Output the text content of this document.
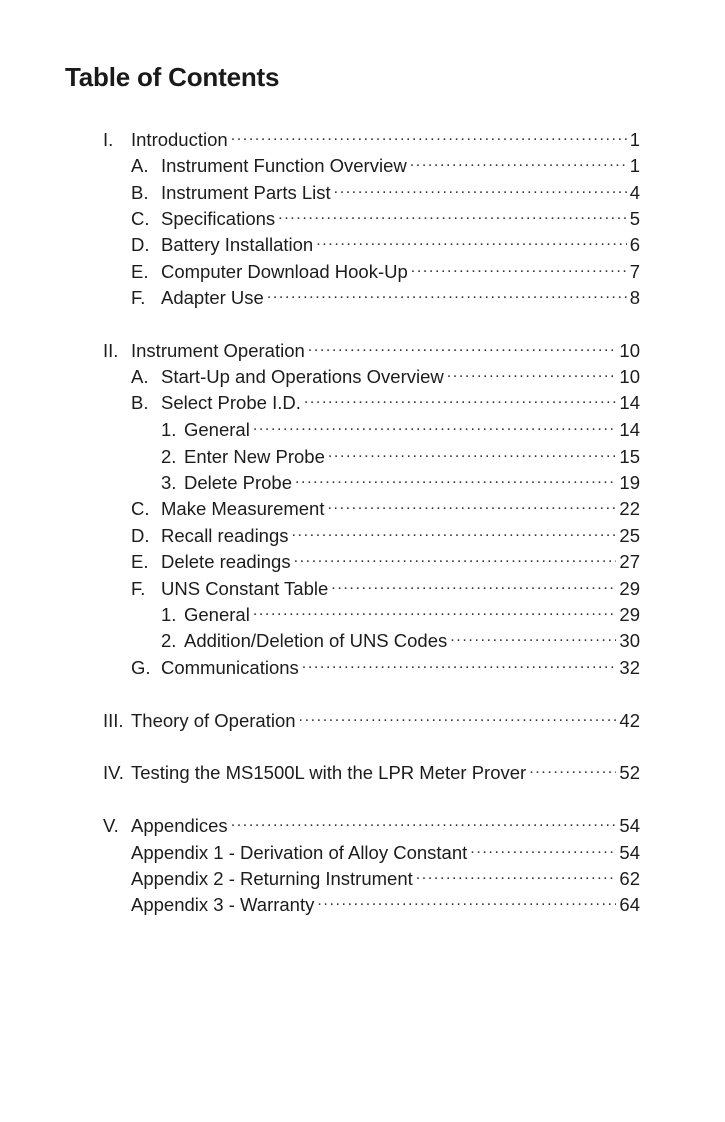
Table of Contents
I. Introduction .....	1
A. Instrument Function Overview .....	1
B. Instrument Parts List .....	4
C. Specifications .....	5
D. Battery Installation .....	6
E. Computer Download Hook-Up .....	7
F. Adapter Use .....	8
II. Instrument Operation .....	10
A. Start-Up and Operations Overview .....	10
B. Select Probe I.D. .....	14
1. General .....	14
2. Enter New Probe .....	15
3. Delete Probe .....	19
C. Make Measurement .....	22
D. Recall readings .....	25
E. Delete readings .....	27
F. UNS Constant Table .....	29
1. General .....	29
2. Addition/Deletion of UNS Codes .....	30
G. Communications .....	32
III. Theory of Operation .....	42
IV. Testing the MS1500L with the LPR Meter Prover .....	52
V. Appendices .....	54
Appendix 1 - Derivation of Alloy Constant .....	54
Appendix 2 - Returning Instrument .....	62
Appendix 3 - Warranty .....	64
